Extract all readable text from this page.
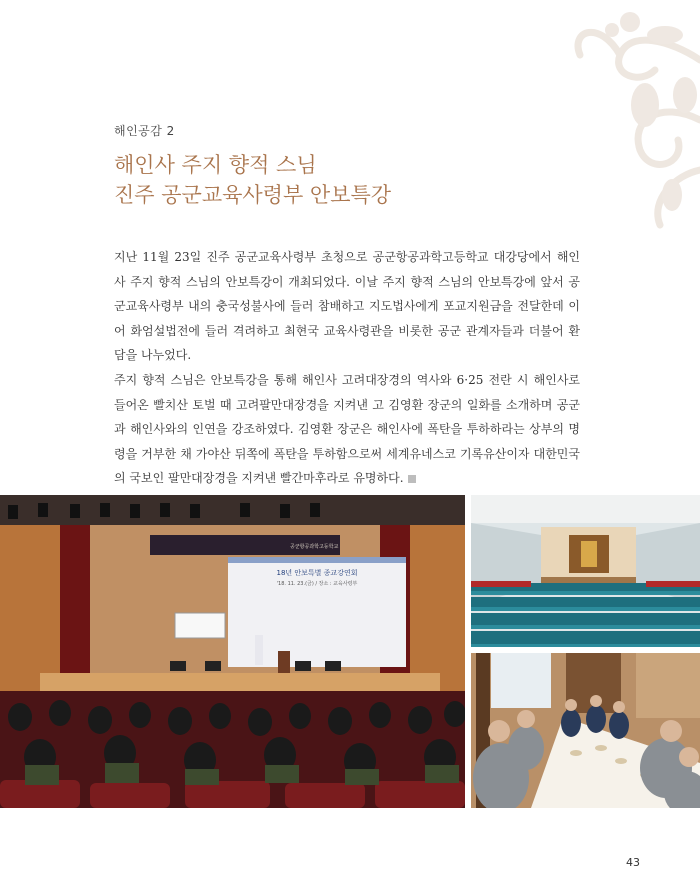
해인공감 2
해인사 주지 향적 스님
진주 공군교육사령부 안보특강

지난 11월 23일 진주 공군교육사령부 초청으로 공군항공과학고등학교 대강당에서 해인사 주지 향적 스님의 안보특강이 개최되었다. 이날 주지 향적 스님의 안보특강에 앞서 공군교육사령부 내의 충국성불사에 들러 참배하고 지도법사에게 포교지원금을 전달한데 이어 화엄설법전에 들러 격려하고 최현국 교육사령관을 비롯한 공군 관계자들과 더불어 환담을 나누었다.

주지 향적 스님은 안보특강을 통해 해인사 고려대장경의 역사와 6·25 전란 시 해인사로 들어온 빨치산 토벌 때 고려팔만대장경을 지켜낸 고 김영환 장군의 일화를 소개하며 공군과 해인사와의 인연을 강조하였다. 김영환 장군은 해인사에 폭탄을 투하하라는 상부의 명령을 거부한 채 가야산 뒤쪽에 폭탄을 투하함으로써 세계유네스코 기록유산이자 대한민국의 국보인 팔만대장경을 지켜낸 빨간마후라로 유명하다.

공군항공과학고등학교
18년 안보특별 종교강연회
'18. 11. 23.(금) / 장소 : 교육사령부
43
